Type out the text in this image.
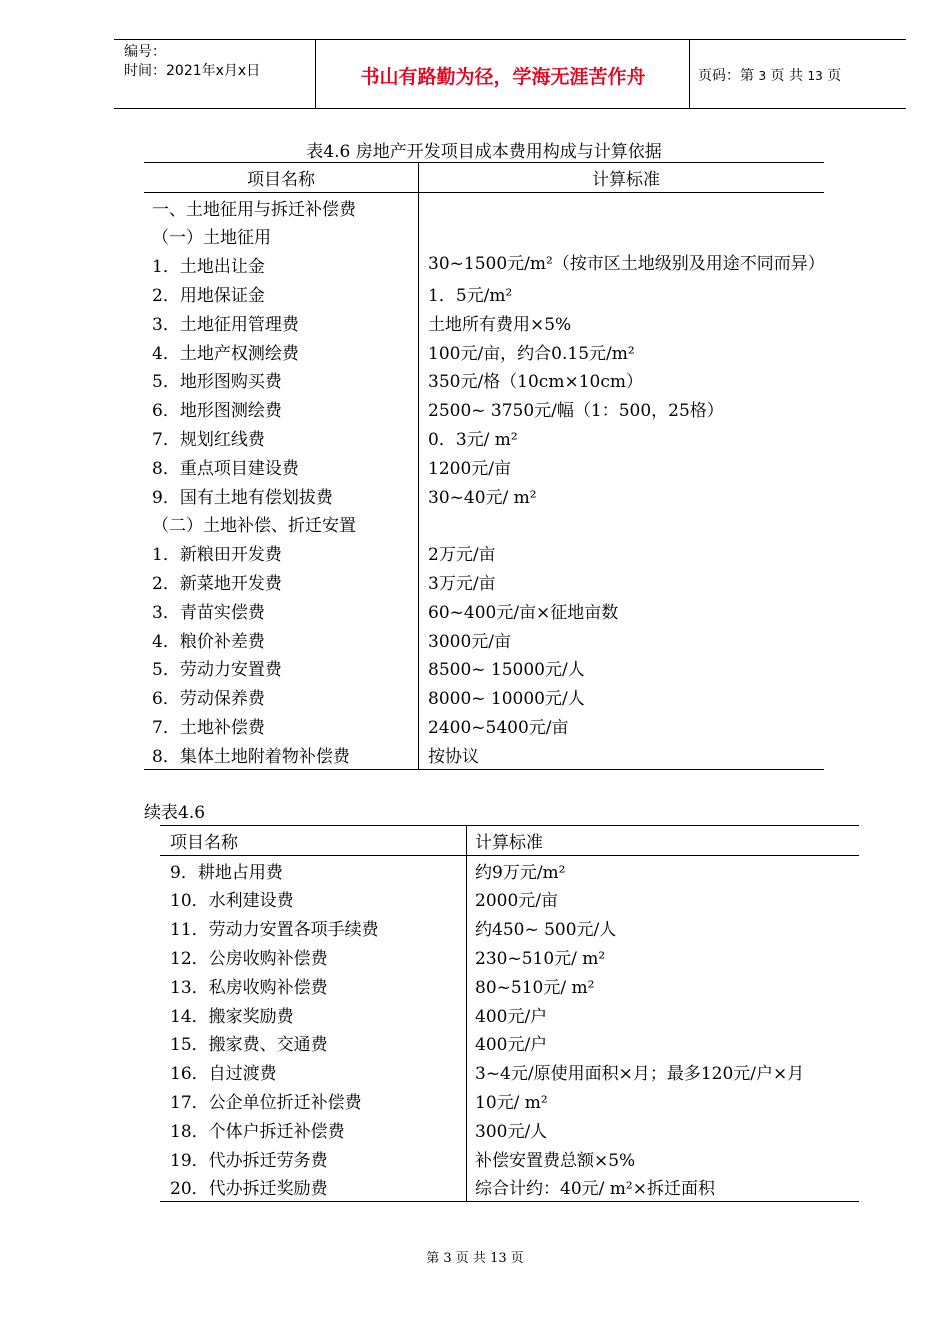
编号：
时间：2021年x月x日	书山有路勤为径，学海无涯苦作舟	页码：第 3 页 共 13 页
表4.6 房地产开发项目成本费用构成与计算依据
项目名称	计算标准
一、土地征用与拆迁补偿费	
（一）土地征用	
1．土地出让金	30~1500元/m²（按市区土地级别及用途不同而异）
2．用地保证金	1．5元/m²
3．土地征用管理费	土地所有费用×5%
4．土地产权测绘费	100元/亩，约合0.15元/m²
5．地形图购买费	350元/格（10cm×10cm）
6．地形图测绘费	2500~ 3750元/幅（1：500，25格）
7．规划红线费	0．3元/ m²
8．重点项目建设费	1200元/亩
9．国有土地有偿划拔费	30~40元/ m²
（二）土地补偿、折迁安置	
1．新粮田开发费	2万元/亩
2．新菜地开发费	3万元/亩
3．青苗实偿费	60~400元/亩×征地亩数
4．粮价补差费	3000元/亩
5．劳动力安置费	8500~ 15000元/人
6．劳动保养费	8000~ 10000元/人
7．土地补偿费	2400~5400元/亩
8．集体土地附着物补偿费	按协议
续表4.6
项目名称	计算标准
9．耕地占用费	约9万元/m²
10．水利建设费	2000元/亩
11．劳动力安置各项手续费	约450~ 500元/人
12．公房收购补偿费	230~510元/ m²
13．私房收购补偿费	80~510元/ m²
14．搬家奖励费	400元/户
15．搬家费、交通费	400元/户
16．自过渡费	3~4元/原使用面积×月；最多120元/户×月
17．公企单位折迁补偿费	10元/ m²
18．个体户拆迁补偿费	300元/人
19．代办拆迁劳务费	补偿安置费总额×5%
20．代办拆迁奖励费	综合计约：40元/ m²×拆迁面积
第 3 页 共 13 页
